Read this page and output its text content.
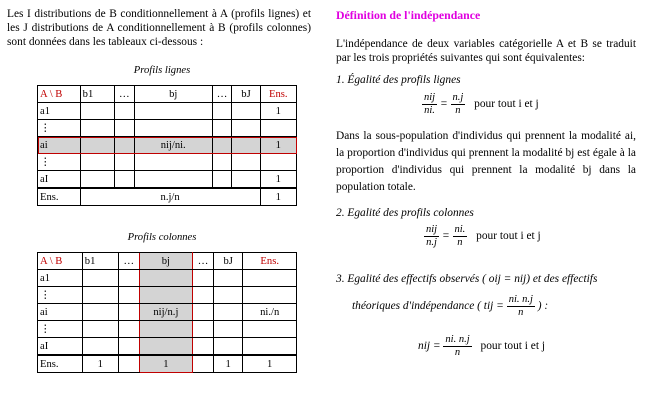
Les I distributions de B conditionnellement à A (profils lignes) et les J distributions de A conditionnellement à B (profils colonnes) sont données dans les tableaux ci-dessous :
Profils lignes
A \ B	b1	…	bj	…	bJ	Ens.
a1						1
⋮						
ai			nij/ni.			1
⋮						
aI						1
Ens.	n.j/n					1
Profils colonnes
A \ B	b1	…	bj	…	bJ	Ens.
a1						
⋮						
ai			nij/n.j			ni./n
⋮						
aI						
Ens.	1		1		1	1
Définition de l'indépendance
L'indépendance de deux variables catégorielle A et B se traduit par les trois propriétés suivantes qui sont équivalentes:
1. Égalité des profils lignes
$\frac{\text{nij}}{ni.} = \frac{n.j}{n}$ pour tout i et j
Dans la sous-population d'individus qui prennent la modalité ai, la proportion d'individus qui prennent la modalité bj est égale à la proportion d'individus qui prennent la modalité bj dans la population totale.
2. Egalité des profils colonnes
$\frac{\text{nij}}{n.j} = \frac{ni.}{n}$ pour tout i et j
3. Egalité des effectifs observés ( oij = nij) et des effectifs
théoriques d'indépendance ( tij = $\frac{ni. n.j}{n}$ ) :
nij = $\frac{ni. n.j}{n}$ pour tout i et j
